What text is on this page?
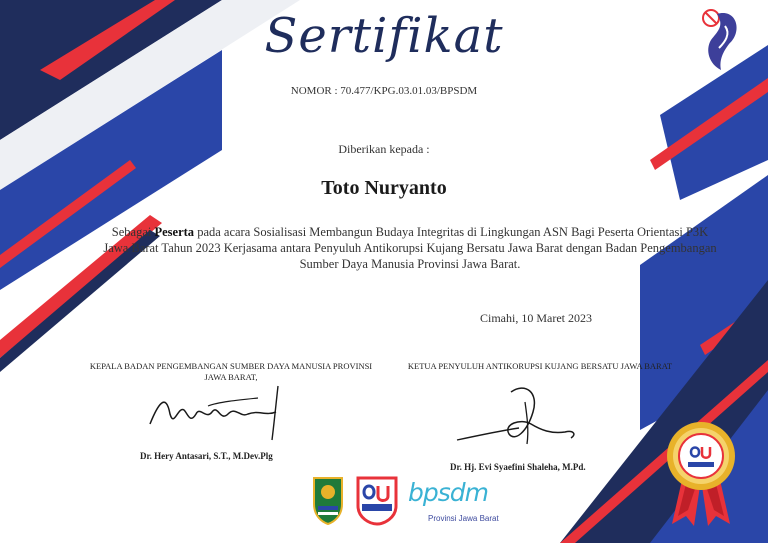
Sertifikat
NOMOR : 70.477/KPG.03.01.03/BPSDM
Diberikan kepada :
Toto Nuryanto
Sebagai Peserta pada acara Sosialisasi Membangun Budaya Integritas di Lingkungan ASN Bagi Peserta Orientasi P3K Jawa Barat Tahun 2023 Kerjasama antara Penyuluh Antikorupsi Kujang Bersatu Jawa Barat dengan Badan Pengembangan Sumber Daya Manusia Provinsi Jawa Barat.
Cimahi, 10 Maret 2023
KEPALA BADAN PENGEMBANGAN SUMBER DAYA MANUSIA PROVINSI JAWA BARAT,
KETUA PENYULUH ANTIKORUPSI KUJANG BERSATU JAWA BARAT
Dr. Hery Antasari, S.T., M.Dev.Plg
Dr. Hj. Evi Syaefini Shaleha, M.Pd.
bpsdm
Provinsi Jawa Barat
